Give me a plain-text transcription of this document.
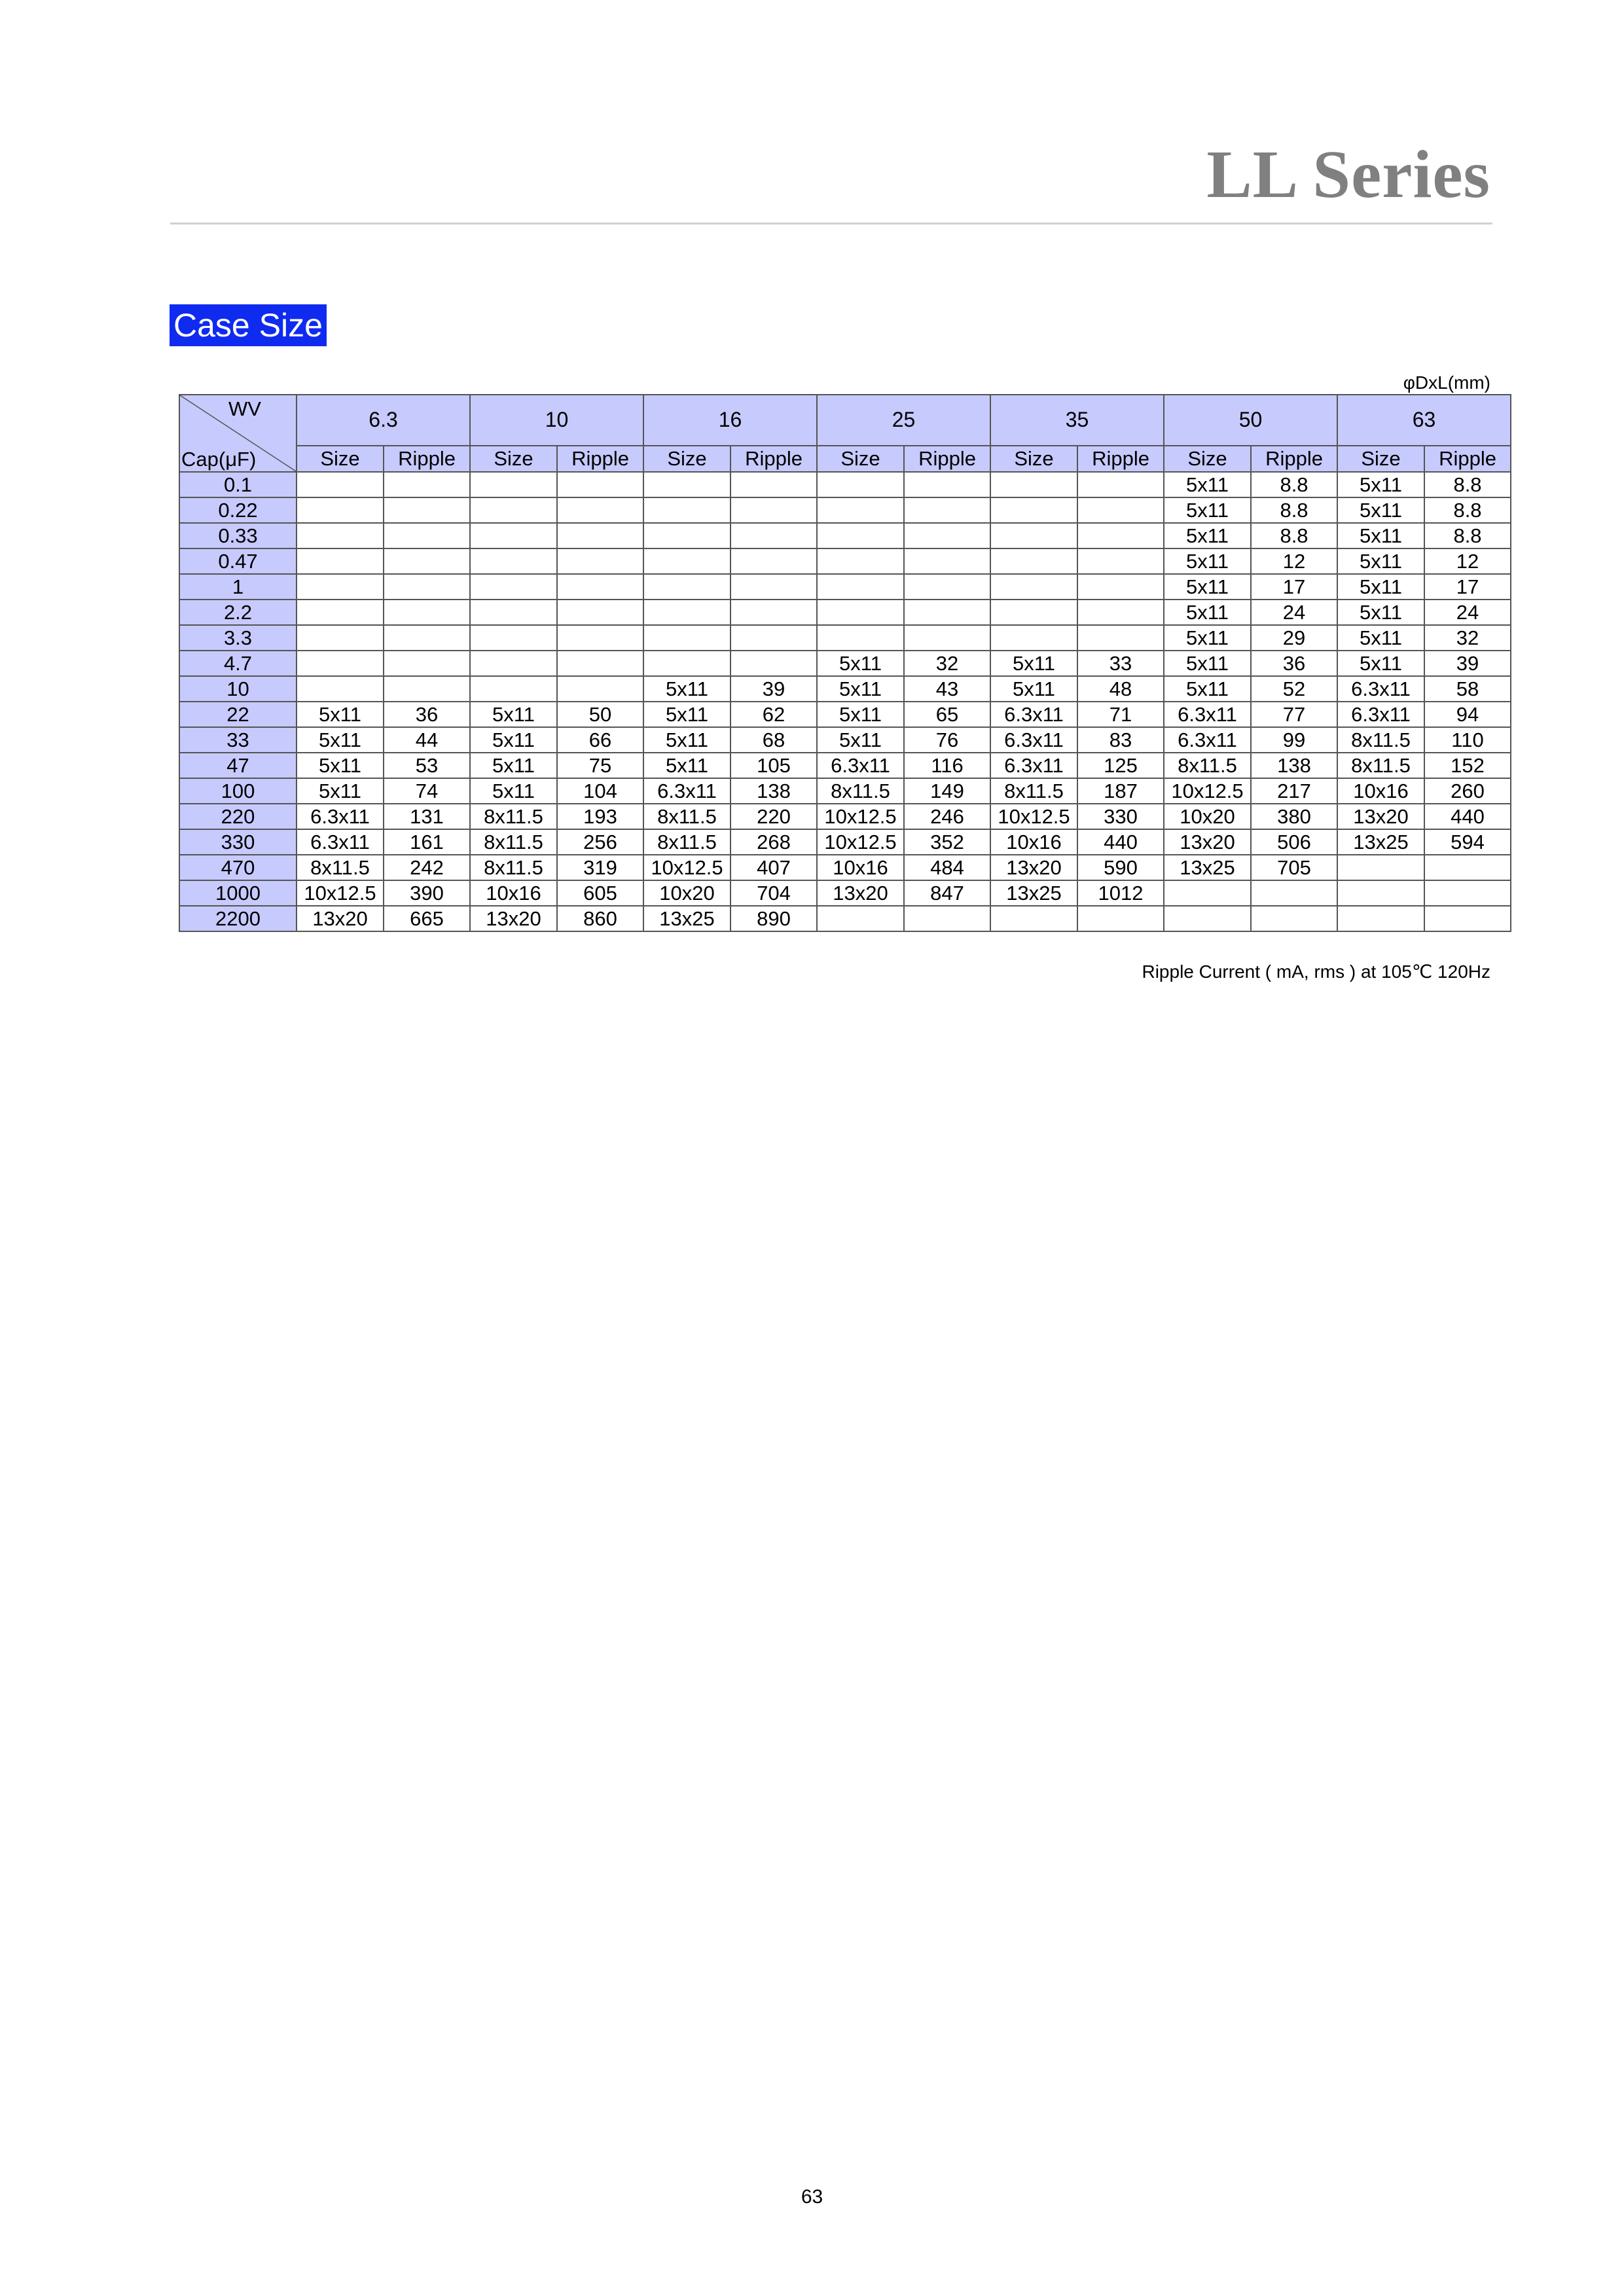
LL Series
Case Size
φDxL(mm)
WV
Cap(μF)	6.3		10		16		25		35		50		63	
	Size	Ripple	Size	Ripple	Size	Ripple	Size	Ripple	Size	Ripple	Size	Ripple	Size	Ripple
0.1											5x11	8.8	5x11	8.8
0.22											5x11	8.8	5x11	8.8
0.33											5x11	8.8	5x11	8.8
0.47											5x11	12	5x11	12
1											5x11	17	5x11	17
2.2											5x11	24	5x11	24
3.3											5x11	29	5x11	32
4.7							5x11	32	5x11	33	5x11	36	5x11	39
10					5x11	39	5x11	43	5x11	48	5x11	52	6.3x11	58
22	5x11	36	5x11	50	5x11	62	5x11	65	6.3x11	71	6.3x11	77	6.3x11	94
33	5x11	44	5x11	66	5x11	68	5x11	76	6.3x11	83	6.3x11	99	8x11.5	110
47	5x11	53	5x11	75	5x11	105	6.3x11	116	6.3x11	125	8x11.5	138	8x11.5	152
100	5x11	74	5x11	104	6.3x11	138	8x11.5	149	8x11.5	187	10x12.5	217	10x16	260
220	6.3x11	131	8x11.5	193	8x11.5	220	10x12.5	246	10x12.5	330	10x20	380	13x20	440
330	6.3x11	161	8x11.5	256	8x11.5	268	10x12.5	352	10x16	440	13x20	506	13x25	594
470	8x11.5	242	8x11.5	319	10x12.5	407	10x16	484	13x20	590	13x25	705		
1000	10x12.5	390	10x16	605	10x20	704	13x20	847	13x25	1012				
2200	13x20	665	13x20	860	13x25	890								
Ripple Current ( mA, rms ) at 105℃ 120Hz
63
